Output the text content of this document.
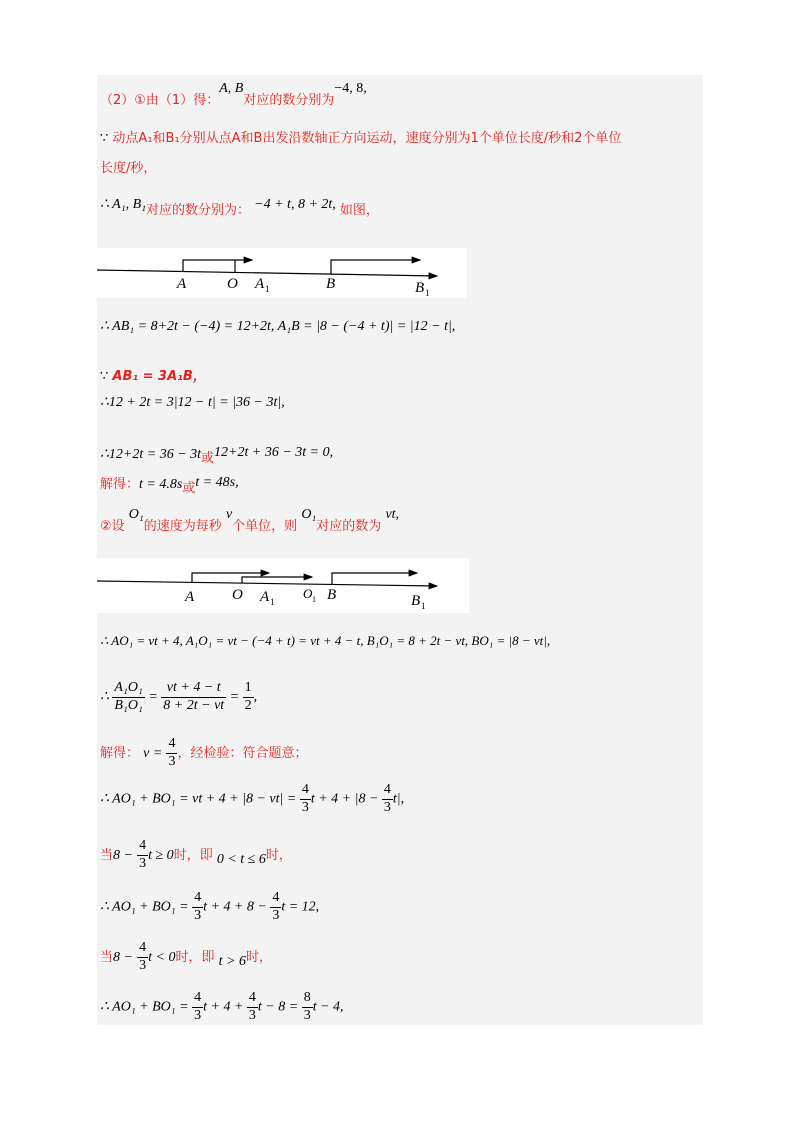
（2）①由（1）得：A, B对应的数分别为−4, 8,
∵ 动点A₁和B₁分别从点A和B出发沿数轴正方向运动，速度分别为1个单位长度/秒和2个单位
长度/秒，
∴ A₁, B₁对应的数分别为： −4 + t, 8 + 2t, 如图，
A	O A 1	B	B 1
∴ AB₁ = 8+2t − (−4) = 12+2t, A₁B = |8 − (−4 + t)| = |12 − t|,
∵ AB₁ = 3A₁B，
∴12 + 2t = 3|12 − t| = |36 − 3t|,
∴12+2t = 36 − 3t或12+2t + 36 − 3t = 0,
解得：t = 4.8s或t = 48s,
②设 O₁的速度为每秒 v个单位，则 O₁对应的数为 vt,
A	O A 1
O 1 B	B 1
∴ AO₁ = vt + 4, A₁O₁ = vt − (−4 + t) = vt + 4 − t, B₁O₁ = 8 + 2t − vt, BO₁ = |8 − vt|,
∴ $\frac{\text{A₁O₁}}{\text{B₁O₁}} = \frac{vt + 4 - t}{8 + 2t - vt} = \frac{1}{2}$ ,
解得： $v = \frac{4}{3}$ ，经检验：符合题意；
∴ AO₁ + BO₁ = vt + $4 + |8 - vt| = \frac{4}{3}$ $t + 4 + |8 - \frac{4}{3} t|$,
当$8 - \frac{4}{3}$ t ≥ 0时，即 0 < t ≤ 6时，
∴ $AO_1 + BO_1 = \frac{4}{3}$ $t + 4 + 8 - \frac{4}{3}$ t = 12,
当$8 - \frac{4}{3}$ t < 0时，即 t > 6时，
∴ $AO_1 + BO_1 = \frac{4}{3}$ $t + 4 + \frac{4}{3}$ $t - 8 = \frac{8}{3}$ t − 4,
